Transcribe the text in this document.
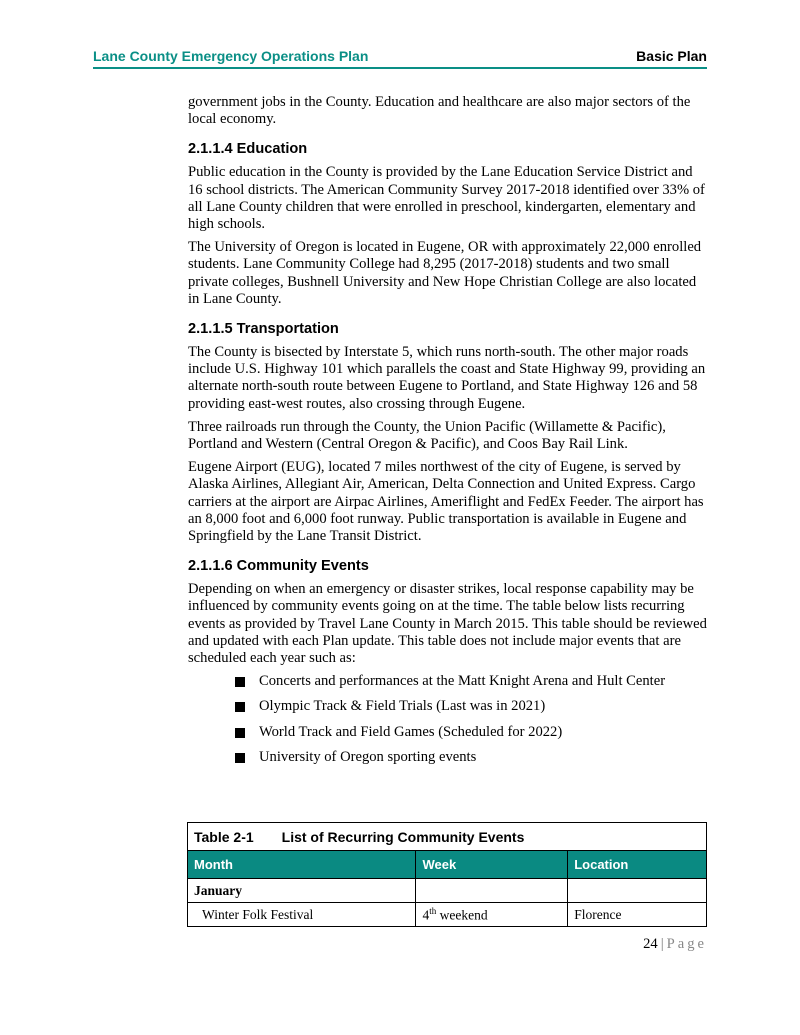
Lane County Emergency Operations Plan	Basic Plan

government jobs in the County. Education and healthcare are also major sectors of the local economy.

2.1.1.4 Education

Public education in the County is provided by the Lane Education Service District and 16 school districts. The American Community Survey 2017-2018 identified over 33% of all Lane County children that were enrolled in preschool, kindergarten, elementary and high schools.

The University of Oregon is located in Eugene, OR with approximately 22,000 enrolled students. Lane Community College had 8,295 (2017-2018) students and two small private colleges, Bushnell University and New Hope Christian College are also located in Lane County.

2.1.1.5 Transportation

The County is bisected by Interstate 5, which runs north-south. The other major roads include U.S. Highway 101 which parallels the coast and State Highway 99, providing an alternate north-south route between Eugene to Portland, and State Highway 126 and 58 providing east-west routes, also crossing through Eugene.

Three railroads run through the County, the Union Pacific (Willamette & Pacific), Portland and Western (Central Oregon & Pacific), and Coos Bay Rail Link.

Eugene Airport (EUG), located 7 miles northwest of the city of Eugene, is served by Alaska Airlines, Allegiant Air, American, Delta Connection and United Express. Cargo carriers at the airport are Airpac Airlines, Ameriflight and FedEx Feeder. The airport has an 8,000 foot and 6,000 foot runway. Public transportation is available in Eugene and Springfield by the Lane Transit District.

2.1.1.6 Community Events

Depending on when an emergency or disaster strikes, local response capability may be influenced by community events going on at the time. The table below lists recurring events as provided by Travel Lane County in March 2015. This table should be reviewed and updated with each Plan update. This table does not include major events that are scheduled each year such as:

Concerts and performances at the Matt Knight Arena and Hult Center
Olympic Track & Field Trials (Last was in 2021)
World Track and Field Games (Scheduled for 2022)
University of Oregon sporting events
Table 2-1 List of Recurring Community Events		
Month	Week	Location
January		
Winter Folk Festival	4th weekend	Florence
24 | Page
